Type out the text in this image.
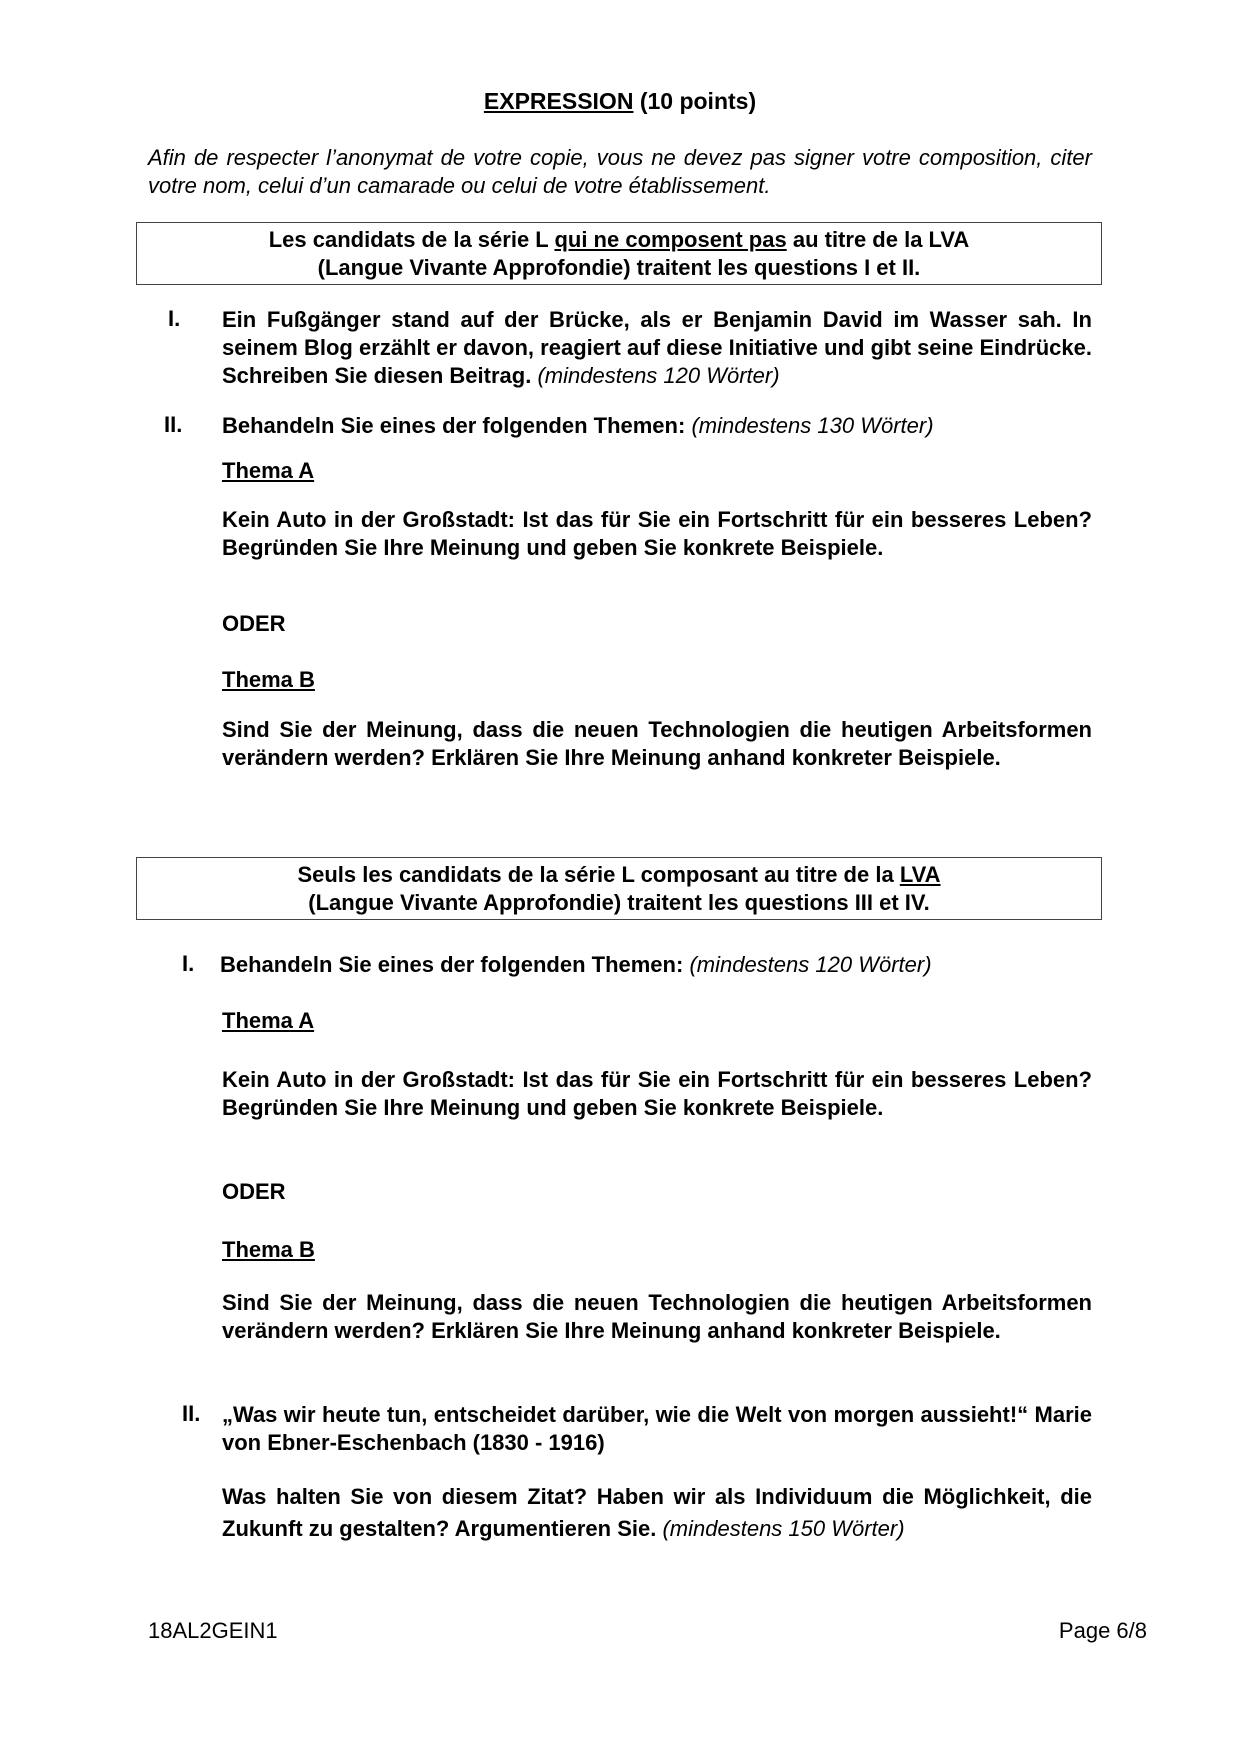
EXPRESSION (10 points)
Afin de respecter l’anonymat de votre copie, vous ne devez pas signer votre composition, citer votre nom, celui d’un camarade ou celui de votre établissement.
Les candidats de la série L qui ne composent pas au titre de la LVA
(Langue Vivante Approfondie) traitent les questions I et II.
I. Ein Fußgänger stand auf der Brücke, als er Benjamin David im Wasser sah. In seinem Blog erzählt er davon, reagiert auf diese Initiative und gibt seine Eindrücke. Schreiben Sie diesen Beitrag. (mindestens 120 Wörter)
II. Behandeln Sie eines der folgenden Themen: (mindestens 130 Wörter)
Thema A
Kein Auto in der Großstadt: Ist das für Sie ein Fortschritt für ein besseres Leben? Begründen Sie Ihre Meinung und geben Sie konkrete Beispiele.
ODER
Thema B
Sind Sie der Meinung, dass die neuen Technologien die heutigen Arbeitsformen verändern werden? Erklären Sie Ihre Meinung anhand konkreter Beispiele.
Seuls les candidats de la série L composant au titre de la LVA
(Langue Vivante Approfondie) traitent les questions III et IV.
I. Behandeln Sie eines der folgenden Themen: (mindestens 120 Wörter)
Thema A
Kein Auto in der Großstadt: Ist das für Sie ein Fortschritt für ein besseres Leben? Begründen Sie Ihre Meinung und geben Sie konkrete Beispiele.
ODER
Thema B
Sind Sie der Meinung, dass die neuen Technologien die heutigen Arbeitsformen verändern werden? Erklären Sie Ihre Meinung anhand konkreter Beispiele.
II. „Was wir heute tun, entscheidet darüber, wie die Welt von morgen aussieht!“ Marie von Ebner-Eschenbach (1830 - 1916)
Was halten Sie von diesem Zitat? Haben wir als Individuum die Möglichkeit, die Zukunft zu gestalten? Argumentieren Sie. (mindestens 150 Wörter)
18AL2GEIN1	Page 6/8
